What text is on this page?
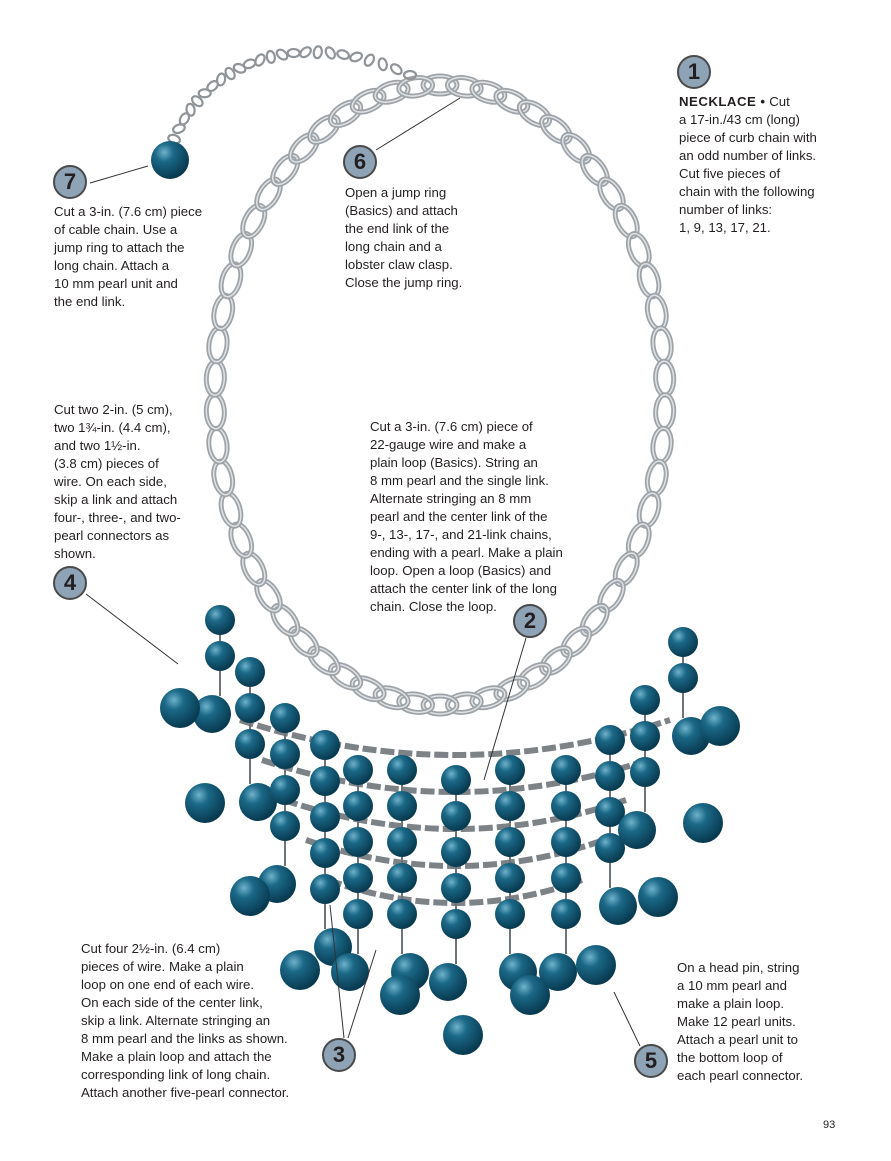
1
NECKLACE • Cut
a 17-in./43 cm (long)
piece of curb chain with
an odd number of links.
Cut five pieces of
chain with the following
number of links:
1, 9, 13, 17, 21.
6
Open a jump ring
(Basics) and attach
the end link of the
long chain and a
lobster claw clasp.
Close the jump ring.
7
Cut a 3-in. (7.6 cm) piece
of cable chain. Use a
jump ring to attach the
long chain. Attach a
10 mm pearl unit and
the end link.
Cut two 2-in. (5 cm),
two 1¾-in. (4.4 cm),
and two 1½-in.
(3.8 cm) pieces of
wire. On each side,
skip a link and attach
four-, three-, and two-
pearl connectors as
shown.
4
Cut a 3-in. (7.6 cm) piece of
22-gauge wire and make a
plain loop (Basics). String an
8 mm pearl and the single link.
Alternate stringing an 8 mm
pearl and the center link of the
9-, 13-, 17-, and 21-link chains,
ending with a pearl. Make a plain
loop. Open a loop (Basics) and
attach the center link of the long
chain. Close the loop.
2
Cut four 2½-in. (6.4 cm)
pieces of wire. Make a plain
loop on one end of each wire.
On each side of the center link,
skip a link. Alternate stringing an
8 mm pearl and the links as shown.
Make a plain loop and attach the
corresponding link of long chain.
Attach another five-pearl connector.
3
On a head pin, string
a 10 mm pearl and
make a plain loop.
Make 12 pearl units.
Attach a pearl unit to
the bottom loop of
each pearl connector.
5
93
